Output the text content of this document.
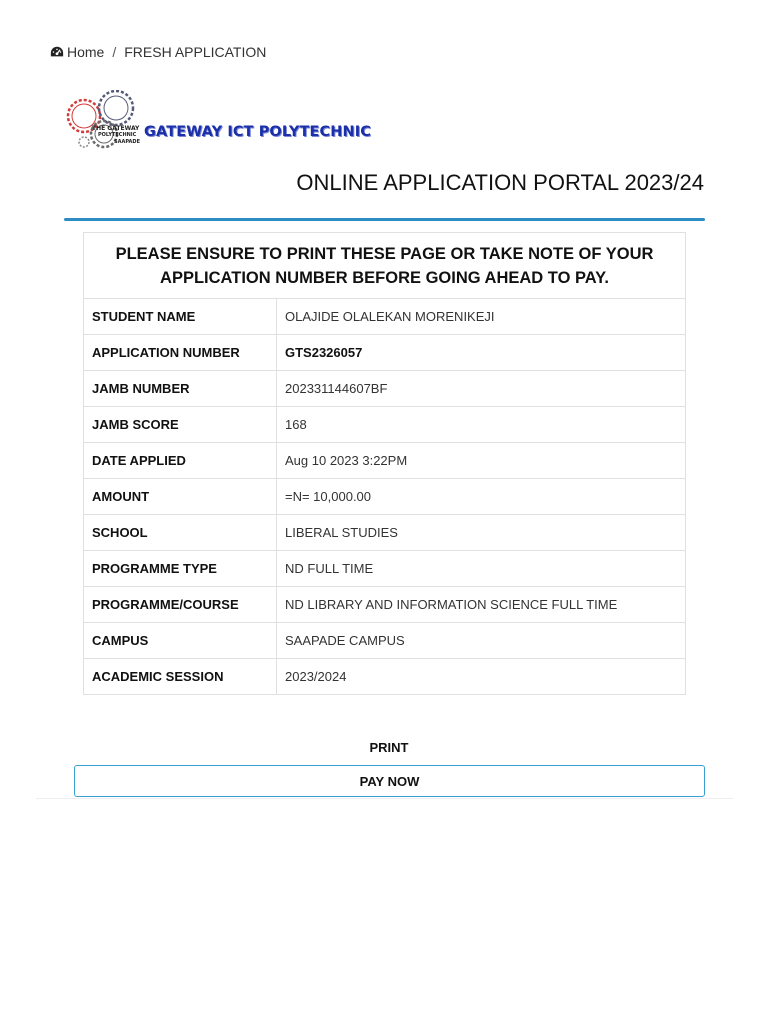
Home / FRESH APPLICATION
THE GATEWAY
POLYTECHNIC
SAAPADE
GATEWAY ICT POLYTECHNIC
ONLINE APPLICATION PORTAL 2023/24
PLEASE ENSURE TO PRINT THESE PAGE OR TAKE NOTE OF YOUR APPLICATION NUMBER BEFORE GOING AHEAD TO PAY.	
STUDENT NAME	OLAJIDE OLALEKAN MORENIKEJI
APPLICATION NUMBER	GTS2326057
JAMB NUMBER	202331144607BF
JAMB SCORE	168
DATE APPLIED	Aug 10 2023 3:22PM
AMOUNT	=N= 10,000.00
SCHOOL	LIBERAL STUDIES
PROGRAMME TYPE	ND FULL TIME
PROGRAMME/COURSE	ND LIBRARY AND INFORMATION SCIENCE FULL TIME
CAMPUS	SAAPADE CAMPUS
ACADEMIC SESSION	2023/2024
PRINT
PAY NOW
